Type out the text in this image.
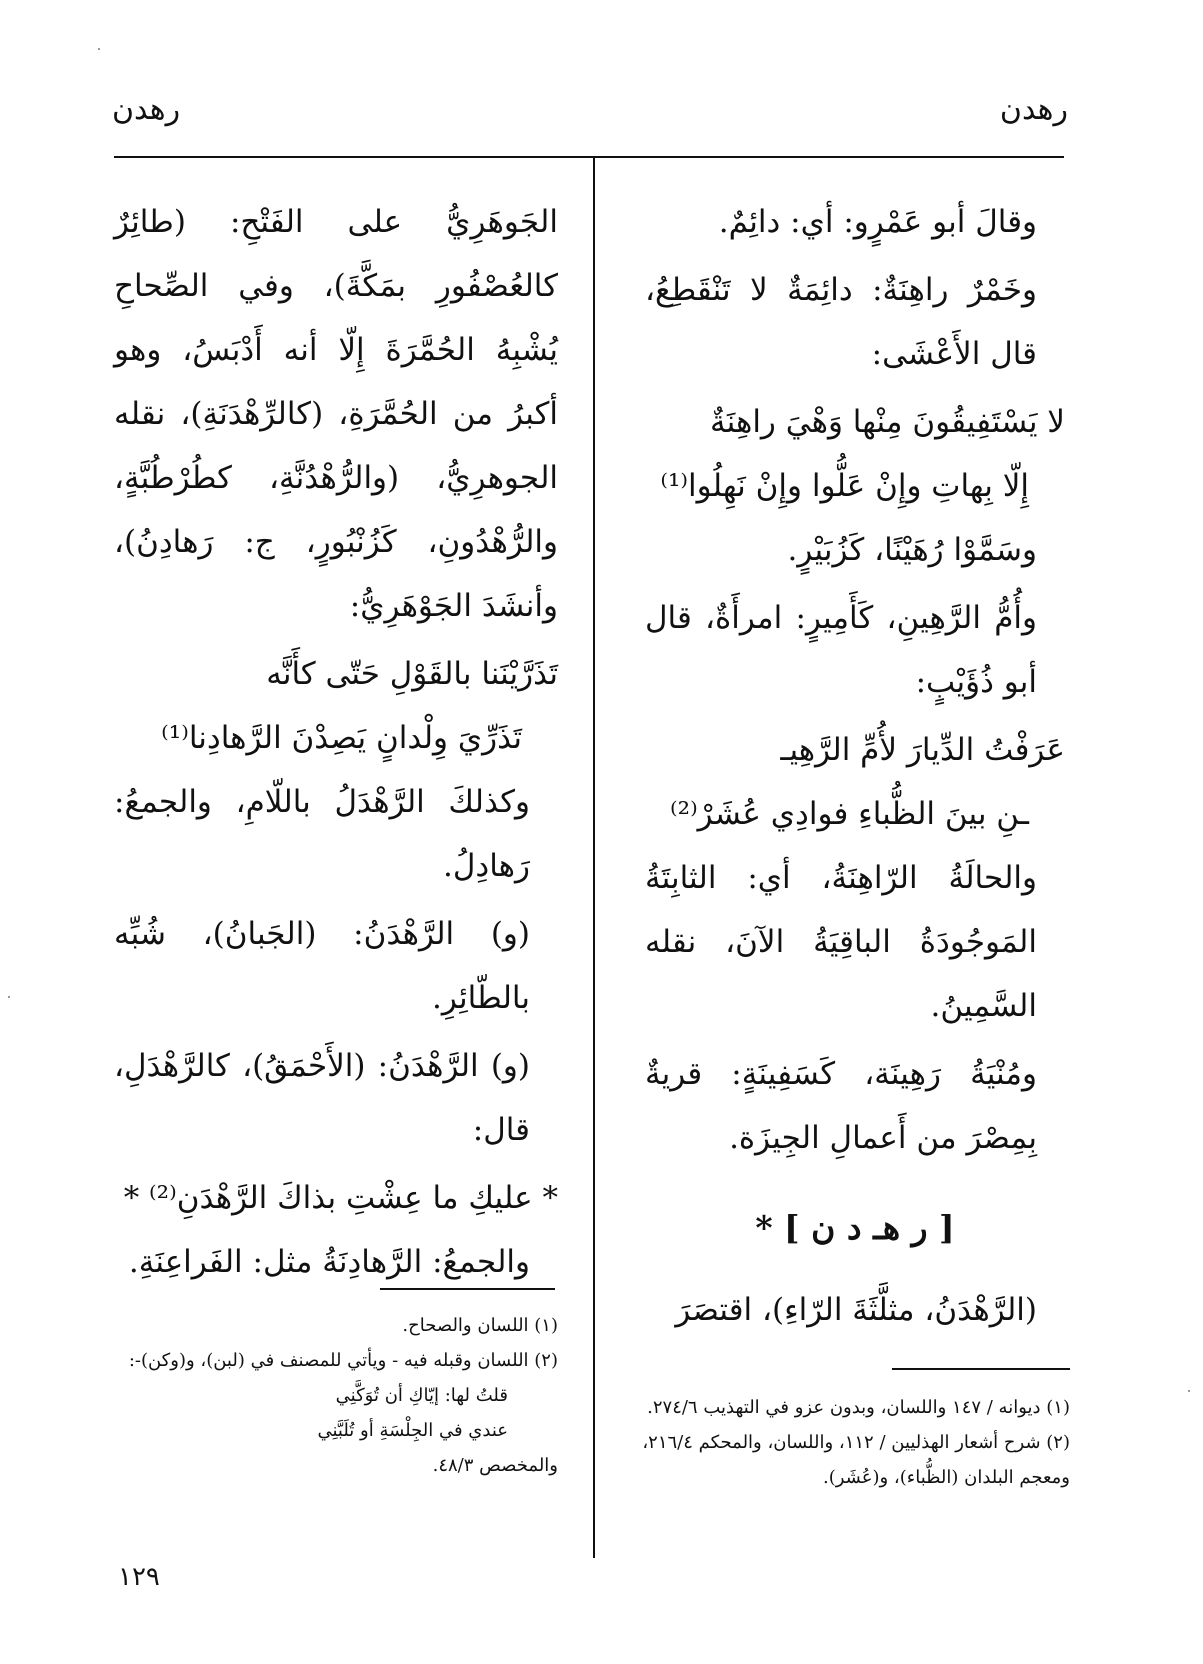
رهدن
رهدن

وقالَ أبو عَمْرٍو: أي: دائِمٌ.

وخَمْرٌ راهِنَةٌ: دائِمَةٌ لا تَنْقَطِعُ، قال الأَعْشَى:

لا يَسْتَفِيقُونَ مِنْها وَهْيَ راهِنَةٌ

إِلّا بِهاتِ وإِنْ عَلُّوا وإِنْ نَهِلُوا⁽¹⁾

وسَمَّوْا رُهَيْنًا، كَزُبَيْرٍ.

وأُمُّ الرَّهِينِ، كَأَمِيرٍ: امرأَةٌ، قال أبو ذُؤَيْبٍ:

عَرَفْتُ الدِّيارَ لأُمِّ الرَّهِيـ

ـنِ بينَ الظُّباءِ فوادِي عُشَرْ⁽²⁾

والحالَةُ الرّاهِنَةُ، أي: الثابِتَةُ المَوجُودَةُ الباقِيَةُ الآنَ، نقله السَّمِينُ.

ومُنْيَةُ رَهِينَة، كَسَفِينَةٍ: قريةٌ بِمِصْرَ من أَعمالِ الجِيزَة.

[ ر هـ د ن ] *

(الرَّهْدَنُ، مثلَّثَةَ الرّاءِ)، اقتصَرَ

(١) ديوانه / ١٤٧ واللسان، وبدون عزو في التهذيب ٢٧٤/٦.

(٢) شرح أشعار الهذليين / ١١٢، واللسان، والمحكم ٢١٦/٤، ومعجم البلدان (الظُّباء)، و(عُشَر).

الجَوهَرِيُّ على الفَتْحِ: (طائِرٌ كالعُصْفُورِ بمَكَّةَ)، وفي الصِّحاحِ يُشْبِهُ الحُمَّرَةَ إِلّا أنه أَدْبَسُ، وهو أكبرُ من الحُمَّرَةِ، (كالرِّهْدَنَةِ)، نقله الجوهرِيُّ، (والرُّهْدُنَّةِ، كطُرْطُبَّةٍ، والرُّهْدُونِ، كَزُنْبُورٍ، ج: رَهادِنُ)، وأنشَدَ الجَوْهَرِيُّ:

تَذَرَّيْنَنا بالقَوْلِ حَتّى كأَنَّه

تَذَرِّيَ وِلْدانٍ يَصِدْنَ الرَّهادِنا⁽¹⁾

وكذلكَ الرَّهْدَلُ باللّامِ، والجمعُ: رَهادِلُ.

(و) الرَّهْدَنُ: (الجَبانُ)، شُبِّه بالطّائِرِ.

(و) الرَّهْدَنُ: (الأَحْمَقُ)، كالرَّهْدَلِ، قال:

* عليكِ ما عِشْتِ بذاكَ الرَّهْدَنِ⁽²⁾ *

والجمعُ: الرَّهادِنَةُ مثل: الفَراعِنَةِ.

(١) اللسان والصحاح.

(٢) اللسان وقبله فيه - ويأتي للمصنف في (لبن)، و(وكن)-:

قلتُ لها: إيّاكِ أن تُوَكَّنِي

عندي في الجِلْسَةِ أو تُلَبَّنِي

والمخصص ٤٨/٣.

١٢٩
